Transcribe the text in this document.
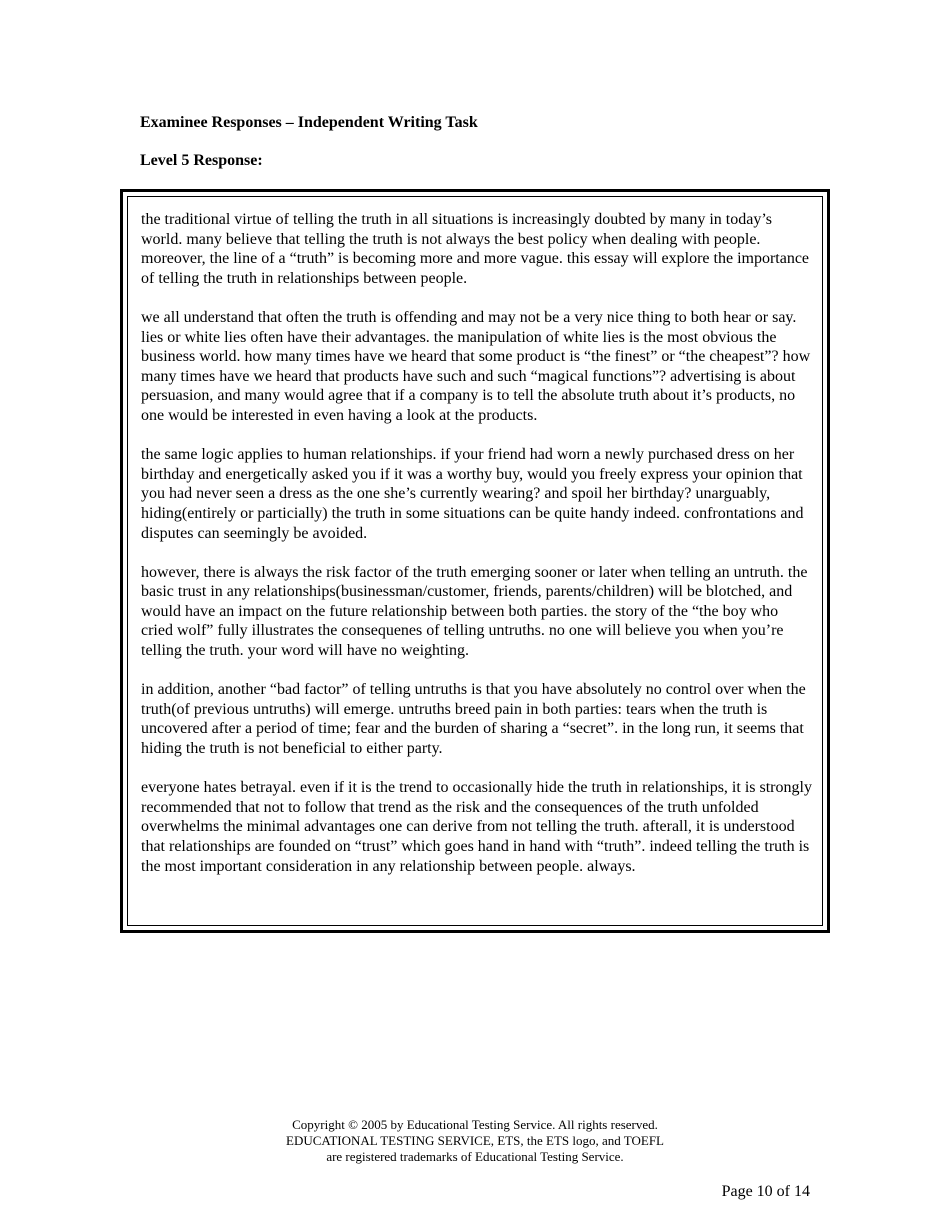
Examinee Responses – Independent Writing Task

Level 5 Response:

the traditional virtue of telling the truth in all situations is increasingly doubted by many in today’s world. many believe that telling the truth is not always the best policy when dealing with people. moreover, the line of a “truth” is becoming more and more vague. this essay will explore the importance of telling the truth in relationships between people.

we all understand that often the truth is offending and may not be a very nice thing to both hear or say. lies or white lies often have their advantages. the manipulation of white lies is the most obvious the business world. how many times have we heard that some product is “the finest” or “the cheapest”? how many times have we heard that products have such and such “magical functions”? advertising is about persuasion, and many would agree that if a company is to tell the absolute truth about it’s products, no one would be interested in even having a look at the products.

the same logic applies to human relationships. if your friend had worn a newly purchased dress on her birthday and energetically asked you if it was a worthy buy, would you freely express your opinion that you had never seen a dress as the one she’s currently wearing? and spoil her birthday? unarguably, hiding(entirely or particially) the truth in some situations can be quite handy indeed. confrontations and disputes can seemingly be avoided.

however, there is always the risk factor of the truth emerging sooner or later when telling an untruth. the basic trust in any relationships(businessman/customer, friends, parents/children) will be blotched, and would have an impact on the future relationship between both parties. the story of the “the boy who cried wolf” fully illustrates the consequenes of telling untruths. no one will believe you when you’re telling the truth. your word will have no weighting.

in addition, another “bad factor” of telling untruths is that you have absolutely no control over when the truth(of previous untruths) will emerge. untruths breed pain in both parties: tears when the truth is uncovered after a period of time; fear and the burden of sharing a “secret”. in the long run, it seems that hiding the truth is not beneficial to either party.

everyone hates betrayal. even if it is the trend to occasionally hide the truth in relationships, it is strongly recommended that not to follow that trend as the risk and the consequences of the truth unfolded overwhelms the minimal advantages one can derive from not telling the truth. afterall, it is understood that relationships are founded on “trust” which goes hand in hand with “truth”. indeed telling the truth is the most important consideration in any relationship between people. always.

Copyright © 2005 by Educational Testing Service. All rights reserved.
EDUCATIONAL TESTING SERVICE, ETS, the ETS logo, and TOEFL
are registered trademarks of Educational Testing Service.
Page 10 of 14
